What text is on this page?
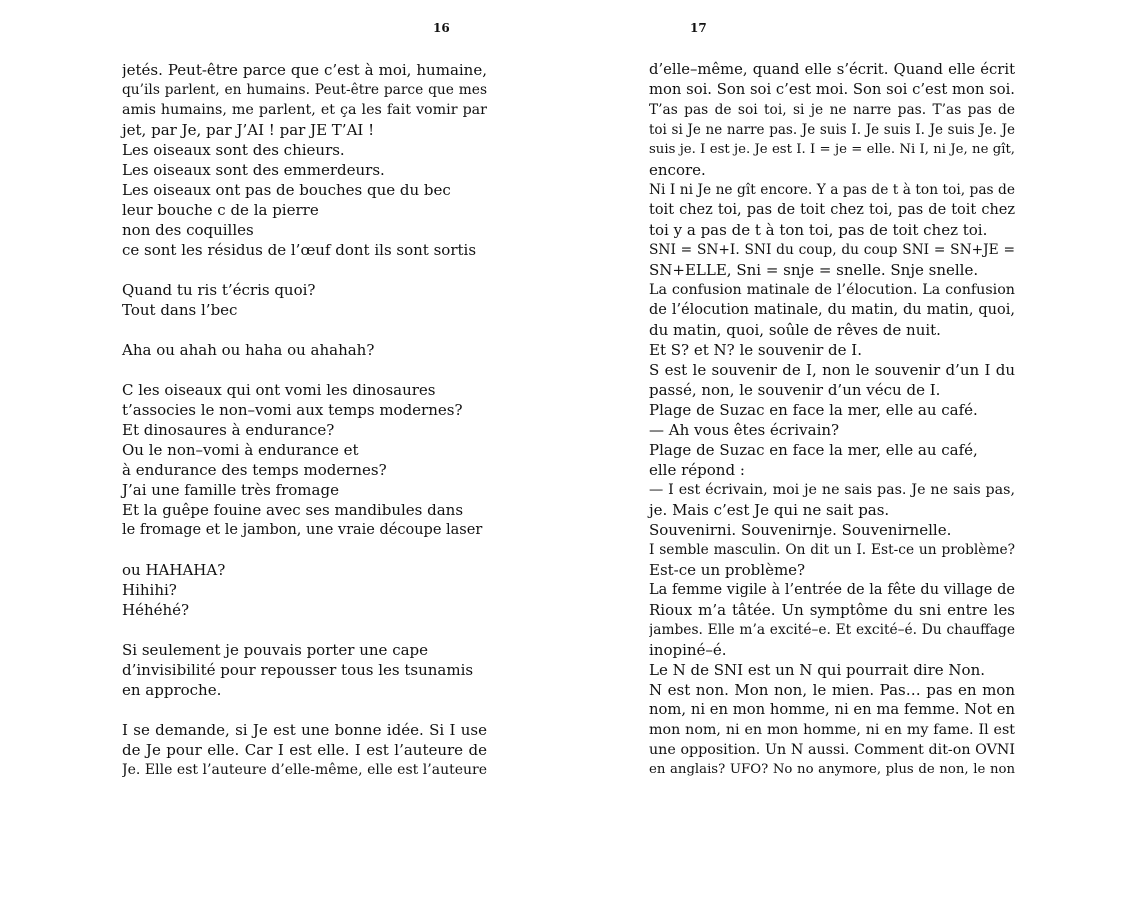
16	17
jetés. Peut-être parce que c’est à moi, humaine,
qu’ils parlent, en humains. Peut-être parce que mes
amis humains, me parlent, et ça les fait vomir par
jet, par Je, par J’AI ! par JE T’AI !
Les oiseaux sont des chieurs.
Les oiseaux sont des emmerdeurs.
Les oiseaux ont pas de bouches que du bec
leur bouche c de la pierre
non des coquilles
ce sont les résidus de l’œuf dont ils sont sortis
Quand tu ris t’écris quoi?
Tout dans l’bec
Aha ou ahah ou haha ou ahahah?
C les oiseaux qui ont vomi les dinosaures
t’associes le non–vomi aux temps modernes?
Et dinosaures à endurance?
Ou le non–vomi à endurance et
à endurance des temps modernes?
J’ai une famille très fromage
Et la guêpe fouine avec ses mandibules dans
le fromage et le jambon, une vraie découpe laser
ou HAHAHA?
Hihihi?
Héhéhé?
Si seulement je pouvais porter une cape
d’invisibilité pour repousser tous les tsunamis
en approche.
I se demande, si Je est une bonne idée. Si I use
de Je pour elle. Car I est elle. I est l’auteure de
Je. Elle est l’auteure d’elle-même, elle est l’auteure
d’elle–même, quand elle s’écrit. Quand elle écrit
mon soi. Son soi c’est moi. Son soi c’est mon soi.
T’as pas de soi toi, si je ne narre pas. T’as pas de
toi si Je ne narre pas. Je suis I. Je suis I. Je suis Je. Je
suis je. I est je. Je est I. I = je = elle. Ni I, ni Je, ne gît,
encore.
Ni I ni Je ne gît encore. Y a pas de t à ton toi, pas de
toit chez toi, pas de toit chez toi, pas de toit chez
toi y a pas de t à ton toi, pas de toit chez toi.
SNI = SN+I. SNI du coup, du coup SNI = SN+JE =
SN+ELLE, Sni = snje = snelle. Snje snelle.
La confusion matinale de l’élocution. La confusion
de l’élocution matinale, du matin, du matin, quoi,
du matin, quoi, soûle de rêves de nuit.
Et S? et N? le souvenir de I.
S est le souvenir de I, non le souvenir d’un I du
passé, non, le souvenir d’un vécu de I.
Plage de Suzac en face la mer, elle au café.
— Ah vous êtes écrivain?
Plage de Suzac en face la mer, elle au café,
elle répond :
— I est écrivain, moi je ne sais pas. Je ne sais pas,
je. Mais c’est Je qui ne sait pas.
Souvenirni. Souvenirnje. Souvenirnelle.
I semble masculin. On dit un I. Est-ce un problème?
Est-ce un problème?
La femme vigile à l’entrée de la fête du village de
Rioux m’a tâtée. Un symptôme du sni entre les
jambes. Elle m’a excité–e. Et excité–é. Du chauffage
inopiné–é.
Le N de SNI est un N qui pourrait dire Non.
N est non. Mon non, le mien. Pas… pas en mon
nom, ni en mon homme, ni en ma femme. Not en
mon nom, ni en mon homme, ni en my fame. Il est
une opposition. Un N aussi. Comment dit-on OVNI
en anglais? UFO? No no anymore, plus de non, le non
